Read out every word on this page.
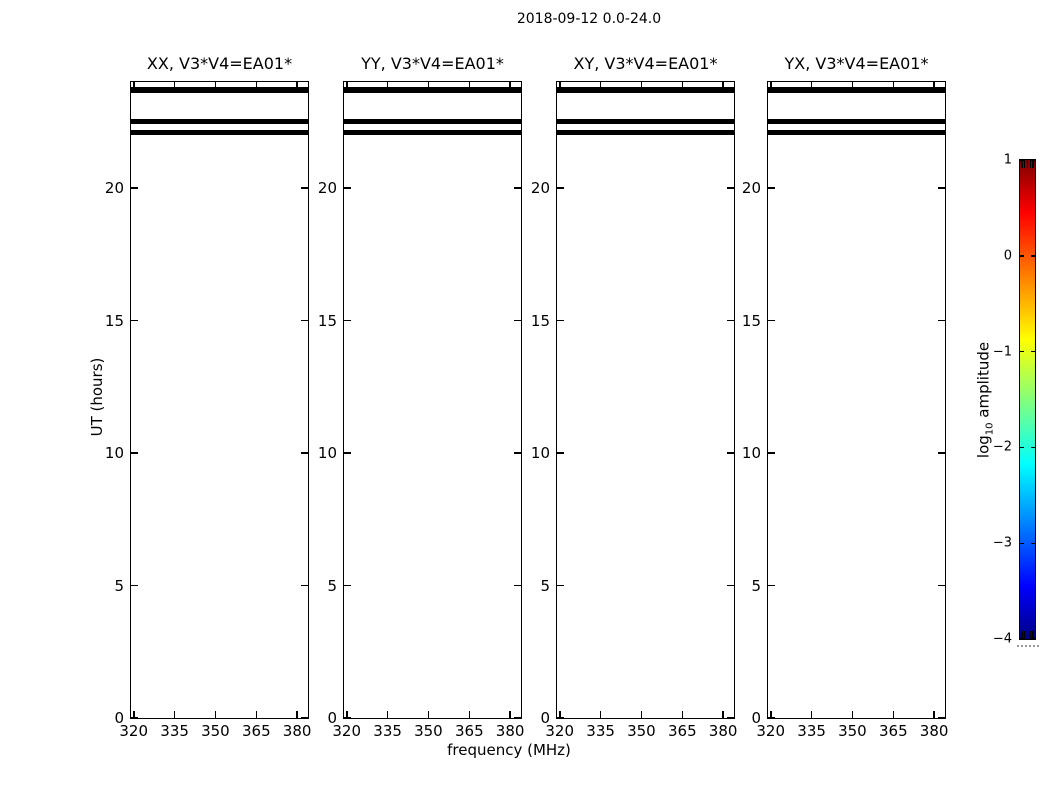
2018-09-12 0.0-24.0
XX, V3*V4=EA01*
320 335 350 365 380
0
5
10
15
20
YY, V3*V4=EA01*
320 335 350 365 380
0
5
10
15
20
XY, V3*V4=EA01*
320 335 350 365 380
0
5
10
15
20
YX, V3*V4=EA01*
320 335 350 365 380
0
5
10
15
20
UT (hours)
frequency (MHz)
1
0
−1
−2
−3
−4
$\log_{10}$ amplitude
